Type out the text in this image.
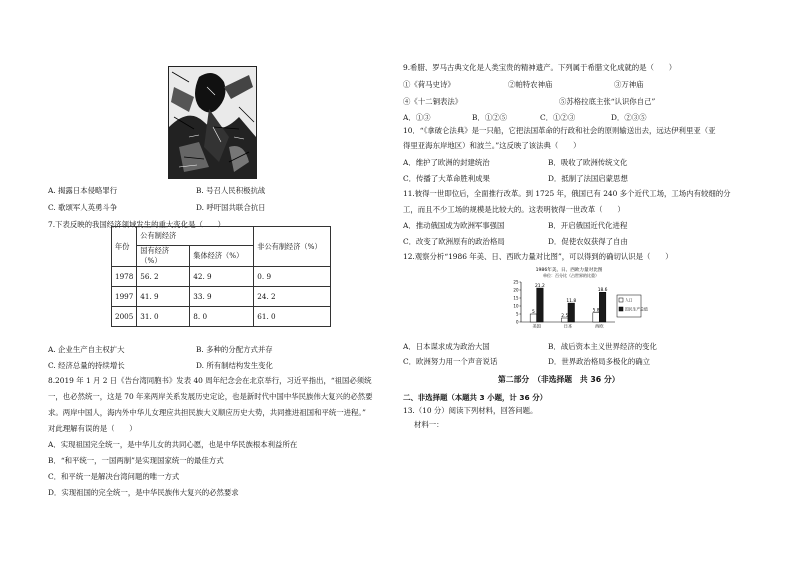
A. 揭露日本侵略罪行	B. 号召人民积极抗战
C. 歌颂军人英勇斗争	D. 呼吁国共联合抗日
7.下表反映的我国经济领域发生的重大变化是（　　）
年份	公有制经济		非公有制经济（%）
	国有经济（%）	集体经济（%）	
1978	56. 2	42. 9	0. 9
1997	41. 9	33. 9	24. 2
2005	31. 0	8. 0	61. 0
A. 企业生产自主权扩大	B. 多种的分配方式并存
C. 经济总量的持续增长	D. 所有制结构发生变化
8.2019 年 1 月 2 日《告台湾同胞书》发表 40 周年纪念会在北京举行，习近平指出，“祖国必须统
一，也必然统一，这是 70 年来两岸关系发展历史定论，也是新时代中国中华民族伟大复兴的必然要
求。两岸中国人，海内外中华儿女理应共担民族大义顺应历史大势，共同推进祖国和平统一进程。”
对此理解有误的是（　　）
A．实现祖国完全统一，是中华儿女的共同心愿，也是中华民族根本利益所在
B．“和平统一，一国两制”是实现国家统一的最佳方式
C．和平统一是解决台湾问题的唯一方式
D．实现祖国的完全统一，是中华民族伟大复兴的必然要求
9.希腊、罗马古典文化是人类宝贵的精神遗产。下列属于希腊文化成就的是（　　）
①《荷马史诗》	②帕特农神庙	③万神庙
④《十二铜表法》	⑤苏格拉底主张“认识你自己”
A．①③	B．①②⑤	C．①②③	D．②③⑤
10．“《拿破仑法典》是一只船，它把法国革命的行政和社会的原则输送出去，远达伊利里亚（亚
得里亚海东岸地区）和波兰。”这反映了该法典（　　）
A．维护了欧洲的封建统治	B．吸收了欧洲传统文化
C．传播了大革命胜利成果	D．抵制了法国启蒙思想
11.彼得一世即位后，全面推行改革。到 1725 年，俄国已有 240 多个近代工场，工场内有较细的分
工，而且不少工场的规模是比较大的。这表明彼得一世改革（　　）
A．推动俄国成为欧洲军事强国	B．开启俄国近代化进程
C．改变了欧洲原有的政治格局	D．促使农奴获得了自由
12.观察分析“1986 年美、日、西欧力量对比图”，可以得到的确切认识是（　　）
1986年美、日、西欧力量对比图
单位：百分比（占世界的比重）
0
5
10
15
20
25
5
21.2
美国
2.5
11.8
日本
5.8
18.6
西欧
人口
国民生产总值
A．日本谋求成为政治大国	B．战后资本主义世界经济的变化
C．欧洲努力用一个声音说话	D．世界政治格局多极化的确立
第二部分　（非选择题　共 36 分）
二、非选择题（本题共 3 小题，计 36 分）
13.（10 分）阅读下列材料，回答问题。
材料一：
